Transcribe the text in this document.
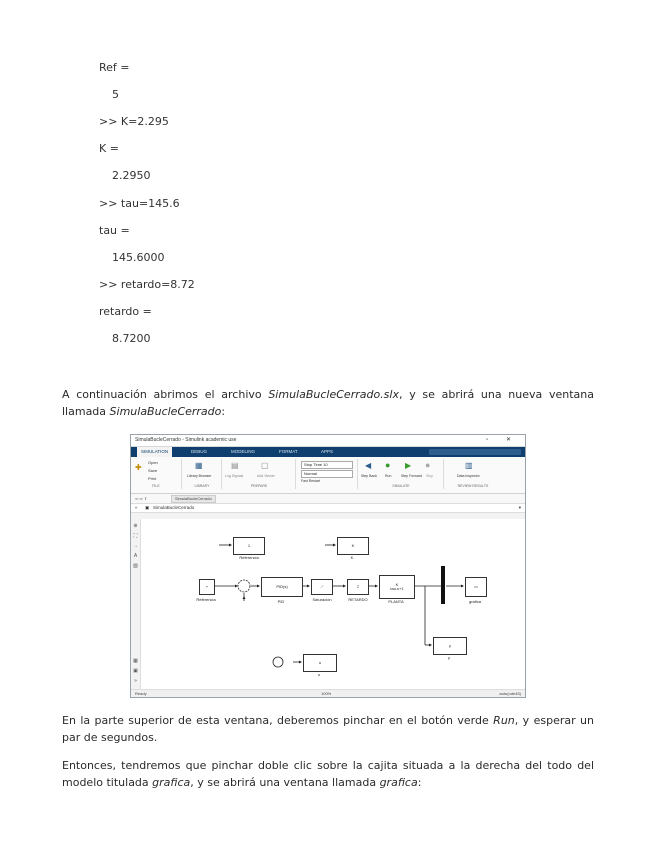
Ref =
5
>> K=2.295
K =
2.2950
>> tau=145.6
tau =
145.6000
>> retardo=8.72
retardo =
8.7200
A continuación abrimos el archivo SimulaBucleCerrado.slx, y se abrirá una nueva ventana llamada SimulaBucleCerrado:
SimulaBucleCerrado - Simulink academic use	▫ ✕
SIMULATION	DEBUG	MODELING	FORMAT	APPS
✚
Open
Save
Print
FILE
▦
Library Browser
LIBRARY
▤
Log Signals
▢
Add Viewer
PREPARE
Stop Time 10
Normal
Fast Restart
◀
Step Back
●
Run
▶
Step Forward
●
Stop
SIMULATE
▥
Data Inspector
REVIEW RESULTS
⇦ ⇨ ⇧	SimulaBucleCerrado
« ▣ SimulaBucleCerrado	▾
⊕
⛶
→
A
▨
▦
▣
»
1
Referencia
K
K
⌐
Referencia
PID(s)
PID
⟋
Saturación
⟟
RETARDO
K
tau.s+1
PLANTA
▭
grafica
y
y
u
u
Ready	100%	auto(ode45)
En la parte superior de esta ventana, deberemos pinchar en el botón verde Run, y esperar un par de segundos.
Entonces, tendremos que pinchar doble clic sobre la cajita situada a la derecha del todo del modelo titulada grafica, y se abrirá una ventana llamada grafica:
